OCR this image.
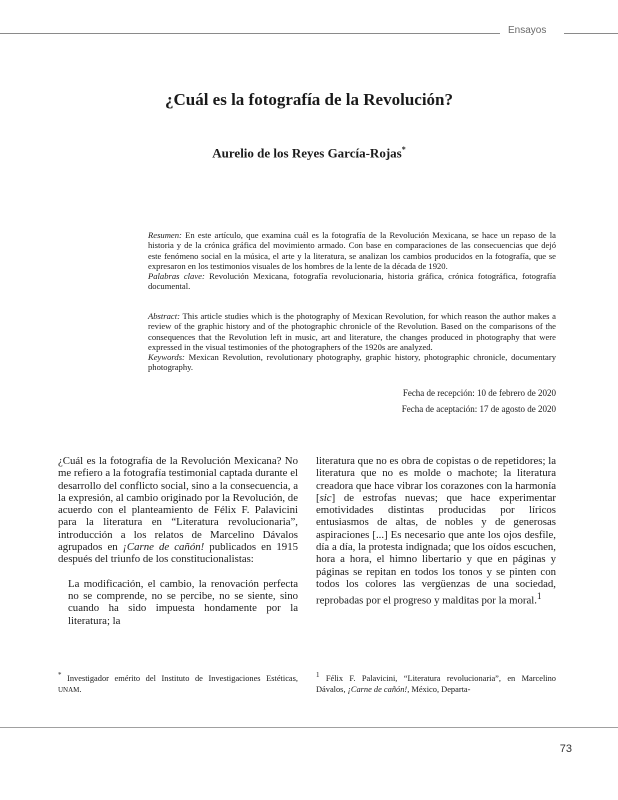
Ensayos
¿Cuál es la fotografía de la Revolución?
Aurelio de los Reyes García-Rojas*

Resumen: En este artículo, que examina cuál es la fotografía de la Revolución Mexicana, se hace un repaso de la historia y de la crónica gráfica del movimiento armado. Con base en comparaciones de las consecuencias que dejó este fenómeno social en la música, el arte y la literatura, se analizan los cambios producidos en la fotografía, que se expresaron en los testimonios visuales de los hombres de la lente de la década de 1920.

Palabras clave: Revolución Mexicana, fotografía revolucionaria, historia gráfica, crónica fotográfica, fotografía documental.

Abstract: This article studies which is the photography of Mexican Revolution, for which reason the author makes a review of the graphic history and of the photographic chronicle of the Revolution. Based on the comparisons of the consequences that the Revolution left in music, art and literature, the changes produced in photography that were expressed in the visual testimonies of the photographers of the 1920s are analyzed.

Keywords: Mexican Revolution, revolutionary photography, graphic history, photographic chronicle, documentary photography.

Fecha de recepción: 10 de febrero de 2020
Fecha de aceptación: 17 de agosto de 2020

¿Cuál es la fotografía de la Revolución Mexicana? No me refiero a la fotografía testimonial captada durante el desarrollo del conflicto social, sino a la consecuencia, a la expresión, al cambio originado por la Revolución, de acuerdo con el planteamiento de Félix F. Palavicini para la literatura en “Literatura revolucionaria”, introducción a los relatos de Marcelino Dávalos agrupados en ¡Carne de cañón! publicados en 1915 después del triunfo de los constitucionalistas:

La modificación, el cambio, la renovación perfecta no se comprende, no se percibe, no se siente, sino cuando ha sido impuesta hondamente por la literatura; la

literatura que no es obra de copistas o de repetidores; la literatura que no es molde o machote; la literatura creadora que hace vibrar los corazones con la harmonía [sic] de estrofas nuevas; que hace experimentar emotividades distintas producidas por líricos entusiasmos de altas, de nobles y de generosas aspiraciones [...] Es necesario que ante los ojos desfile, día a día, la protesta indignada; que los oídos escuchen, hora a hora, el himno libertario y que en páginas y páginas se repitan en todos los tonos y se pinten con todos los colores las vergüenzas de una sociedad, reprobadas por el progreso y malditas por la moral.$^1$

* Investigador emérito del Instituto de Investigaciones Estéticas, UNAM.
$^1$ Félix F. Palavicini, “Literatura revolucionaria”, en Marcelino Dávalos, ¡Carne de cañón!, México, Departa-
73
